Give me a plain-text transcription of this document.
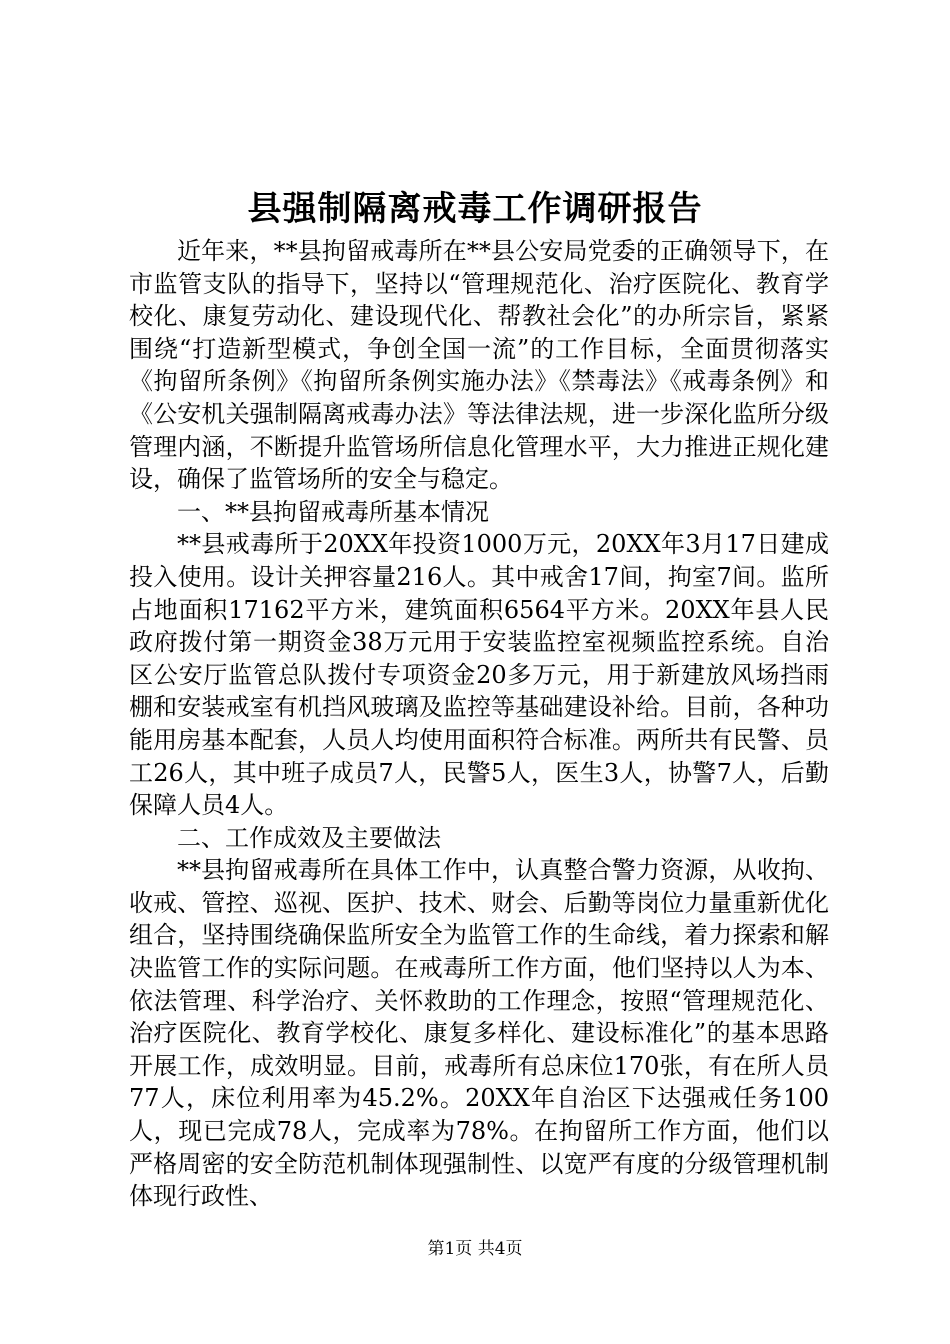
县强制隔离戒毒工作调研报告

近年来，**县拘留戒毒所在**县公安局党委的正确领导下，在市监管支队的指导下，坚持以“管理规范化、治疗医院化、教育学校化、康复劳动化、建设现代化、帮教社会化”的办所宗旨，紧紧围绕“打造新型模式，争创全国一流”的工作目标，全面贯彻落实《拘留所条例》《拘留所条例实施办法》《禁毒法》《戒毒条例》和《公安机关强制隔离戒毒办法》等法律法规，进一步深化监所分级管理内涵，不断提升监管场所信息化管理水平，大力推进正规化建设，确保了监管场所的安全与稳定。

一、**县拘留戒毒所基本情况

**县戒毒所于20XX年投资1000万元，20XX年3月17日建成投入使用。设计关押容量216人。其中戒舍17间，拘室7间。监所占地面积17162平方米，建筑面积6564平方米。20XX年县人民政府拨付第一期资金38万元用于安装监控室视频监控系统。自治区公安厅监管总队拨付专项资金20多万元，用于新建放风场挡雨棚和安装戒室有机挡风玻璃及监控等基础建设补给。目前，各种功能用房基本配套，人员人均使用面积符合标准。两所共有民警、员工26人，其中班子成员7人，民警5人，医生3人，协警7人，后勤保障人员4人。

二、工作成效及主要做法

**县拘留戒毒所在具体工作中，认真整合警力资源，从收拘、收戒、管控、巡视、医护、技术、财会、后勤等岗位力量重新优化组合，坚持围绕确保监所安全为监管工作的生命线，着力探索和解决监管工作的实际问题。在戒毒所工作方面，他们坚持以人为本、依法管理、科学治疗、关怀救助的工作理念，按照“管理规范化、治疗医院化、教育学校化、康复多样化、建设标准化”的基本思路开展工作，成效明显。目前，戒毒所有总床位170张，有在所人员77人，床位利用率为45.2%。20XX年自治区下达强戒任务100人，现已完成78人，完成率为78%。在拘留所工作方面，他们以严格周密的安全防范机制体现强制性、以宽严有度的分级管理机制体现行政性、

第1页 共4页
